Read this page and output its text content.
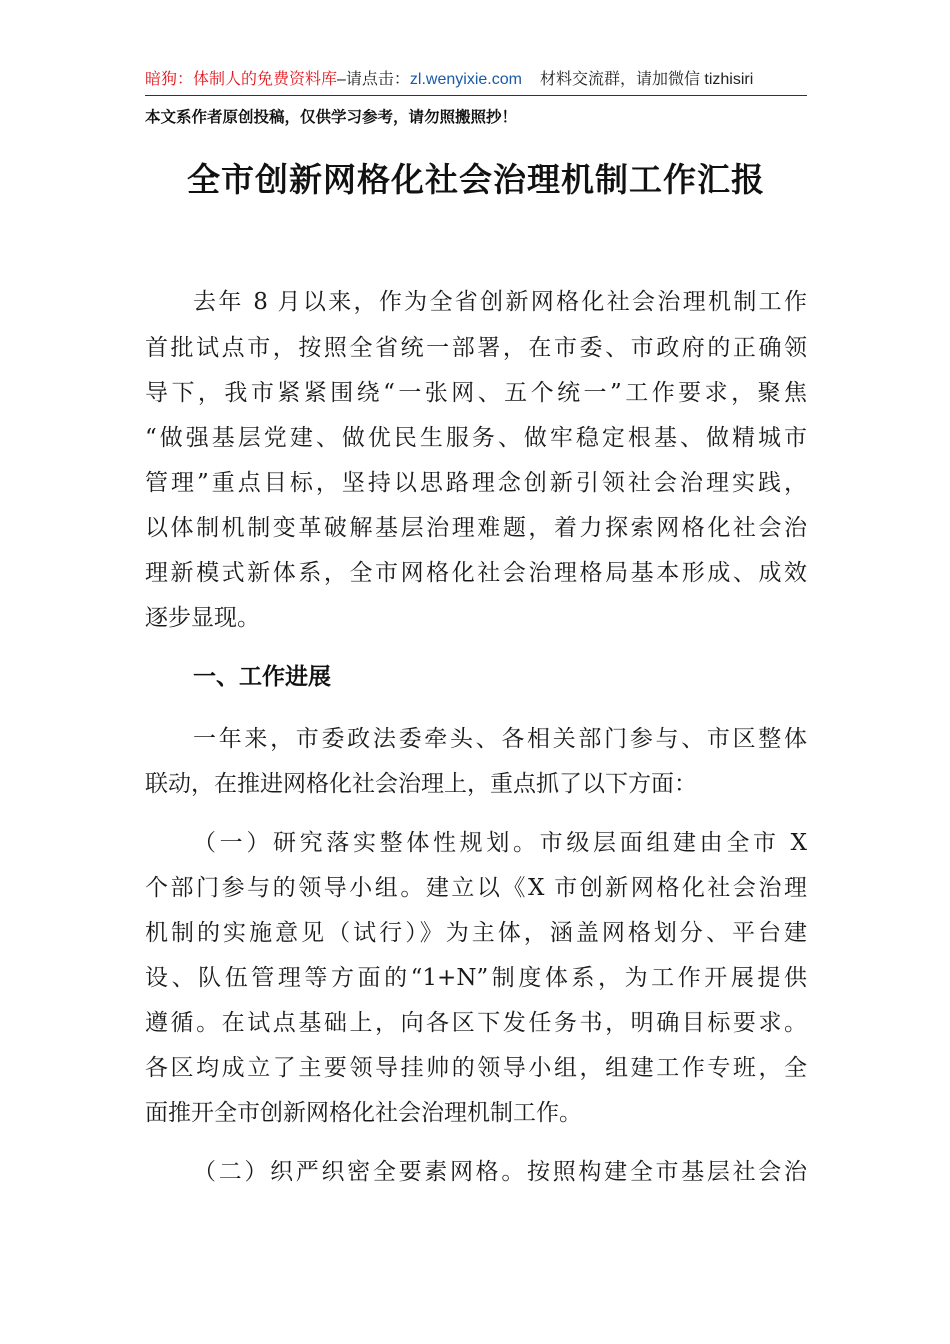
暗狗：体制人的免费资料库–请点击：zl.wenyixie.com 材料交流群，请加微信 tizhisiri
本文系作者原创投稿，仅供学习参考，请勿照搬照抄！
全市创新网格化社会治理机制工作汇报
去年 8 月以来，作为全省创新网格化社会治理机制工作
首批试点市，按照全省统一部署，在市委、市政府的正确领
导下，我市紧紧围绕“一张网、五个统一”工作要求，聚焦
“做强基层党建、做优民生服务、做牢稳定根基、做精城市
管理”重点目标，坚持以思路理念创新引领社会治理实践，
以体制机制变革破解基层治理难题，着力探索网格化社会治
理新模式新体系，全市网格化社会治理格局基本形成、成效
逐步显现。
一、工作进展
一年来，市委政法委牵头、各相关部门参与、市区整体
联动，在推进网格化社会治理上，重点抓了以下方面：
（一）研究落实整体性规划。市级层面组建由全市 X
个部门参与的领导小组。建立以《X 市创新网格化社会治理
机制的实施意见（试行）》为主体，涵盖网格划分、平台建
设、队伍管理等方面的“1+N”制度体系，为工作开展提供
遵循。在试点基础上，向各区下发任务书，明确目标要求。
各区均成立了主要领导挂帅的领导小组，组建工作专班，全
面推开全市创新网格化社会治理机制工作。
（二）织严织密全要素网格。按照构建全市基层社会治
